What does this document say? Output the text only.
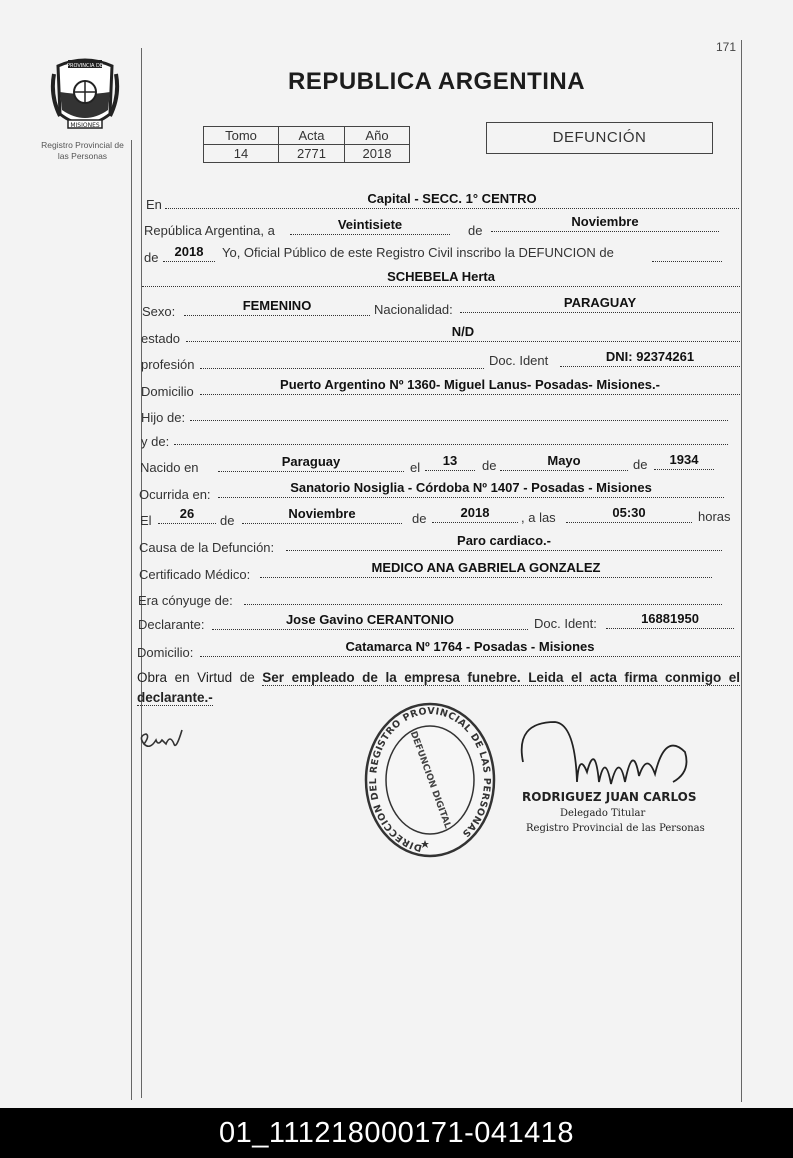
171
PROVINCIA DE
MISIONES
Registro Provincial de
las Personas
REPUBLICA ARGENTINA
Tomo	Acta	Año
14	2771	2018
DEFUNCIÓN
En	Capital - SECC. 1° CENTRO
República Argentina, a	Veintisiete	de
Noviembre
de	2018	Yo, Oficial Público de este Registro Civil inscribo la DEFUNCION de
SCHEBELA Herta
Sexo:	FEMENINO	Nacionalidad:	PARAGUAY
estado	N/D
profesión	Doc. Ident	DNI: 92374261
Domicilio	Puerto Argentino Nº 1360- Miguel Lanus- Posadas- Misiones.-
Hijo de:
y de:
Nacido en	Paraguay	el	13	de	Mayo	de	1934
Ocurrida en:	Sanatorio Nosiglia - Córdoba Nº 1407 - Posadas - Misiones
El	26	de	Noviembre	de	2018	, a las	05:30	horas
Causa de la Defunción:	Paro cardiaco.-
Certificado Médico:	MEDICO ANA GABRIELA GONZALEZ
Era cónyuge de:
Declarante:	Jose Gavino CERANTONIO	Doc. Ident:	16881950
Domicilio:	Catamarca Nº 1764 - Posadas - Misiones
Obra en Virtud de Ser empleado de la empresa funebre. Leida el acta firma conmigo el declarante.-
DIRECCION DEL REGISTRO PROVINCIAL DE LAS PERSONAS
DEFUNCION DIGITAL	RODRIGUEZ JUAN CARLOS
Delegado Titular
Registro Provincial de las Personas
01_111218000171-041418
